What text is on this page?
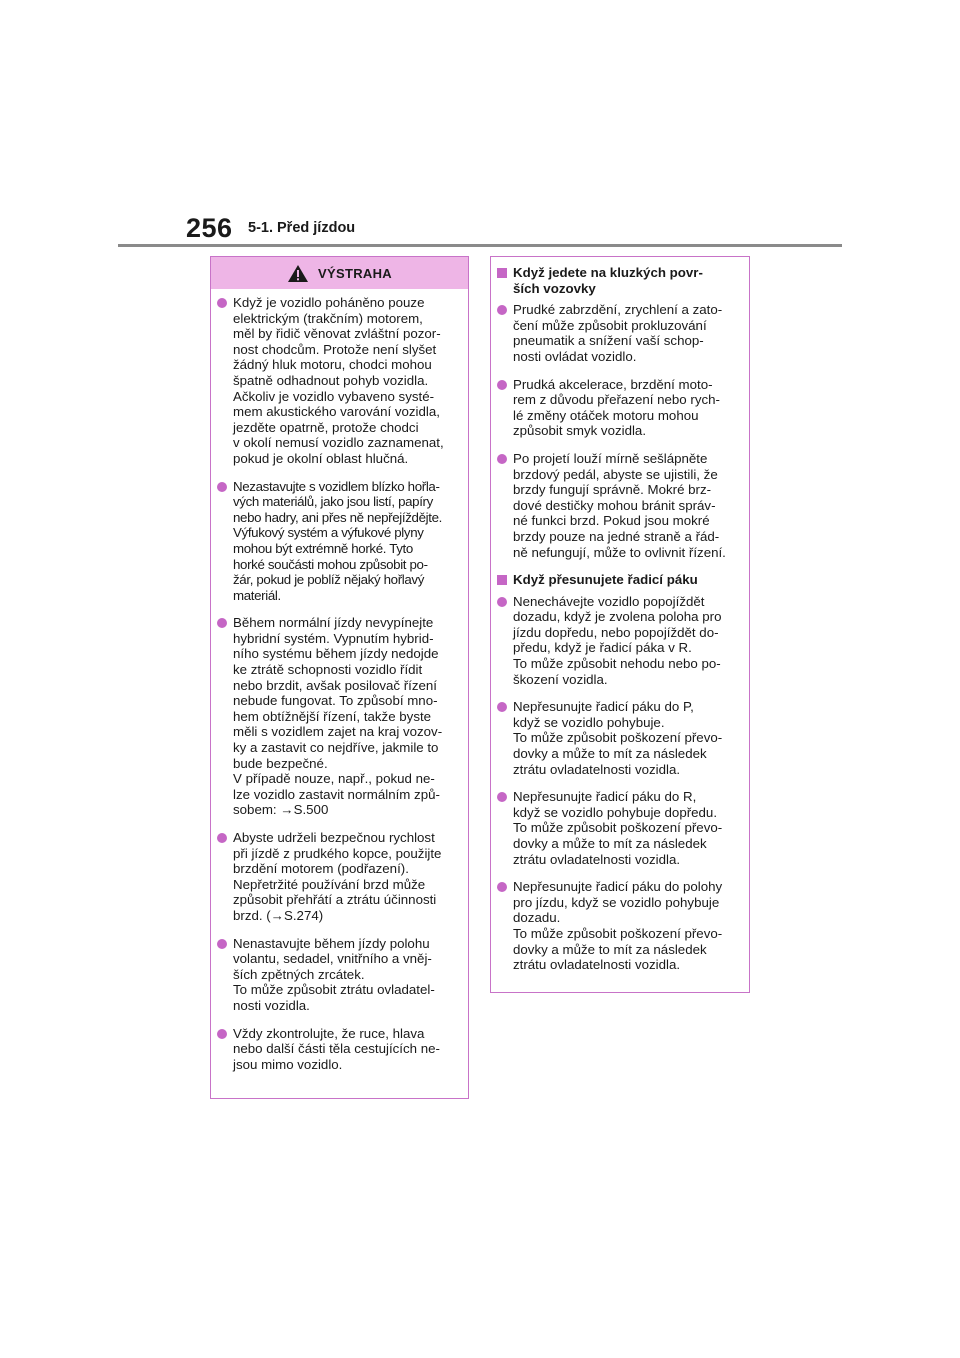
256 5-1. Před jízdou
VÝSTRAHA
Když je vozidlo poháněno pouze
elektrickým (trakčním) motorem,
měl by řidič věnovat zvláštní pozor-
nost chodcům. Protože není slyšet
žádný hluk motoru, chodci mohou
špatně odhadnout pohyb vozidla.
Ačkoliv je vozidlo vybaveno systé-
mem akustického varování vozidla,
jezděte opatrně, protože chodci
v okolí nemusí vozidlo zaznamenat,
pokud je okolní oblast hlučná.
Nezastavujte s vozidlem blízko hořla-
vých materiálů, jako jsou listí, papíry
nebo hadry, ani přes ně nepřejíždějte.
Výfukový systém a výfukové plyny
mohou být extrémně horké. Tyto
horké součásti mohou způsobit po-
žár, pokud je poblíž nějaký hořlavý
materiál.
Během normální jízdy nevypínejte
hybridní systém. Vypnutím hybrid-
ního systému během jízdy nedojde
ke ztrátě schopnosti vozidlo řídit
nebo brzdit, avšak posilovač řízení
nebude fungovat. To způsobí mno-
hem obtížnější řízení, takže byste
měli s vozidlem zajet na kraj vozov-
ky a zastavit co nejdříve, jakmile to
bude bezpečné.
V případě nouze, např., pokud ne-
lze vozidlo zastavit normálním způ-
sobem: →S.500
Abyste udrželi bezpečnou rychlost
při jízdě z prudkého kopce, použijte
brzdění motorem (podřazení).
Nepřetržité používání brzd může
způsobit přehřátí a ztrátu účinnosti
brzd. (→S.274)
Nenastavujte během jízdy polohu
volantu, sedadel, vnitřního a vněj-
ších zpětných zrcátek.
To může způsobit ztrátu ovladatel-
nosti vozidla.
Vždy zkontrolujte, že ruce, hlava
nebo další části těla cestujících ne-
jsou mimo vozidlo.
Když jedete na kluzkých povr-
ších vozovky
Prudké zabrzdění, zrychlení a zato-
čení může způsobit prokluzování
pneumatik a snížení vaší schop-
nosti ovládat vozidlo.
Prudká akcelerace, brzdění moto-
rem z důvodu přeřazení nebo rych-
lé změny otáček motoru mohou
způsobit smyk vozidla.
Po projetí louží mírně sešlápněte
brzdový pedál, abyste se ujistili, že
brzdy fungují správně. Mokré brz-
dové destičky mohou bránit správ-
né funkci brzd. Pokud jsou mokré
brzdy pouze na jedné straně a řád-
ně nefungují, může to ovlivnit řízení.
Když přesunujete řadicí páku
Nenechávejte vozidlo popojíždět
dozadu, když je zvolena poloha pro
jízdu dopředu, nebo popojíždět do-
předu, když je řadicí páka v R.
To může způsobit nehodu nebo po-
škození vozidla.
Nepřesunujte řadicí páku do P,
když se vozidlo pohybuje.
To může způsobit poškození převo-
dovky a může to mít za následek
ztrátu ovladatelnosti vozidla.
Nepřesunujte řadicí páku do R,
když se vozidlo pohybuje dopředu.
To může způsobit poškození převo-
dovky a může to mít za následek
ztrátu ovladatelnosti vozidla.
Nepřesunujte řadicí páku do polohy
pro jízdu, když se vozidlo pohybuje
dozadu.
To může způsobit poškození převo-
dovky a může to mít za následek
ztrátu ovladatelnosti vozidla.
